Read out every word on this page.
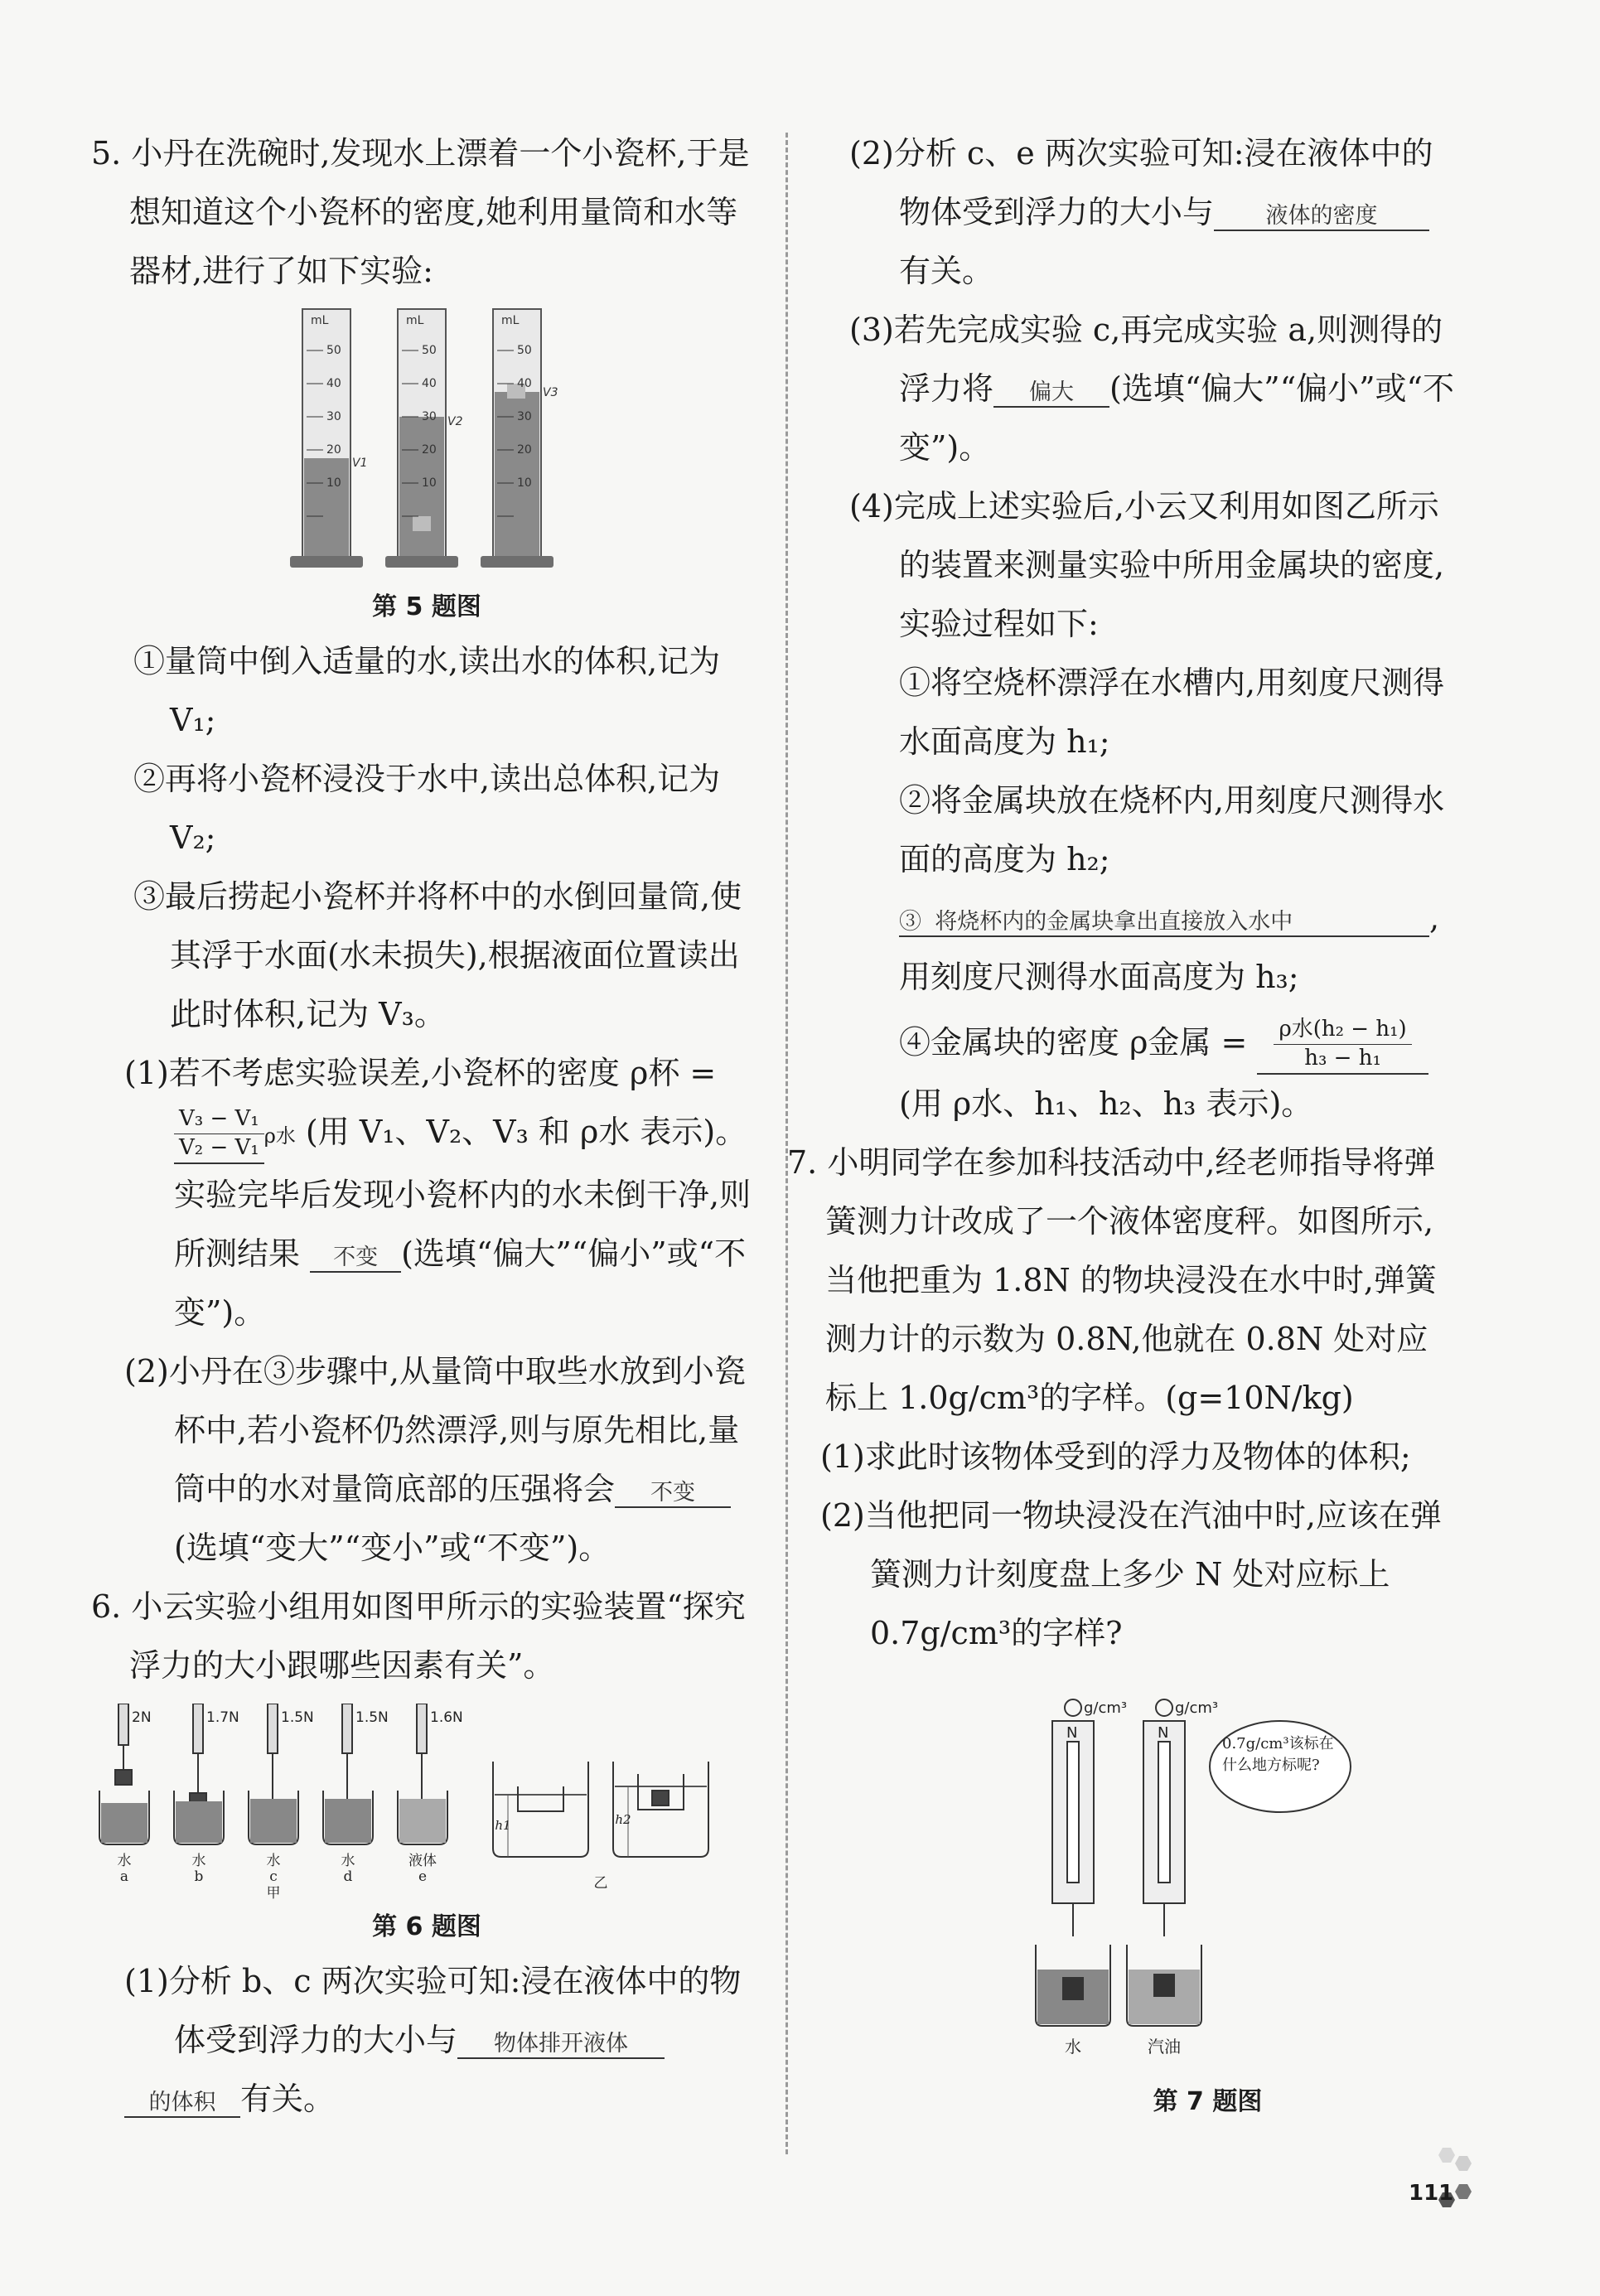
5. 小丹在洗碗时,发现水上漂着一个小瓷杯,于是想知道这个小瓷杯的密度,她利用量筒和水等器材,进行了如下实验:

mL	mL	mL
50
40
30
20
10
50
40
30
20
10
50
40
30
20
10
V1
V2
V3
第 5 题图

①量筒中倒入适量的水,读出水的体积,记为 V₁;

②再将小瓷杯浸没于水中,读出总体积,记为 V₂;

③最后捞起小瓷杯并将杯中的水倒回量筒,使其浮于水面(水未损失),根据液面位置读出此时体积,记为 V₃。

(1)若不考虑实验误差,小瓷杯的密度 ρ杯 =

$\frac{\text{V₃ − V₁}}{\text{V₂ − V₁}}$ ρ水 (用 V₁、V₂、V₃ 和 ρ水 表示)。实验完毕后发现小瓷杯内的水未倒干净,则所测结果 不变 (选填“偏大”“偏小”或“不变”)。

(2)小丹在③步骤中,从量筒中取些水放到小瓷杯中,若小瓷杯仍然漂浮,则与原先相比,量筒中的水对量筒底部的压强将会 不变(选填“变大”“变小”或“不变”)。

6. 小云实验小组用如图甲所示的实验装置“探究浮力的大小跟哪些因素有关”。

2N	1.7N	1.5N	1.5N	1.6N
水	水	水	水	液体
a	b	c	d	e
甲
乙
h1	h2
第 6 题图

(1)分析 b、c 两次实验可知:浸在液体中的物体受到浮力的大小与 物体排开液体
的体积 有关。

(2)分析 c、e 两次实验可知:浸在液体中的物体受到浮力的大小与 液体的密度
有关。

(3)若先完成实验 c,再完成实验 a,则测得的浮力将 偏大 (选填“偏大”“偏小”或“不变”)。

(4)完成上述实验后,小云又利用如图乙所示的装置来测量实验中所用金属块的密度,实验过程如下:

①将空烧杯漂浮在水槽内,用刻度尺测得水面高度为 h₁;

②将金属块放在烧杯内,用刻度尺测得水面的高度为 h₂;

③ 将烧杯内的金属块拿出直接放入水中	,用刻度尺测得水面高度为 h₃;

④金属块的密度 ρ金属 = $\frac{\text{ρ水(h₂ − h₁)}}{\text{h₃ − h₁}}$

(用 ρ水、h₁、h₂、h₃ 表示)。

7. 小明同学在参加科技活动中,经老师指导将弹簧测力计改成了一个液体密度秤。如图所示,当他把重为 1.8N 的物块浸没在水中时,弹簧测力计的示数为 0.8N,他就在 0.8N 处对应标上 1.0g/cm³的字样。(g=10N/kg)

(1)求此时该物体受到的浮力及物体的体积;

(2)当他把同一物块浸没在汽油中时,应该在弹簧测力计刻度盘上多少 N 处对应标上 0.7g/cm³的字样?

g/cm³	g/cm³
N	N
0.7g/cm³该标在什么地方标呢?
水	汽油
第 7 题图
111
